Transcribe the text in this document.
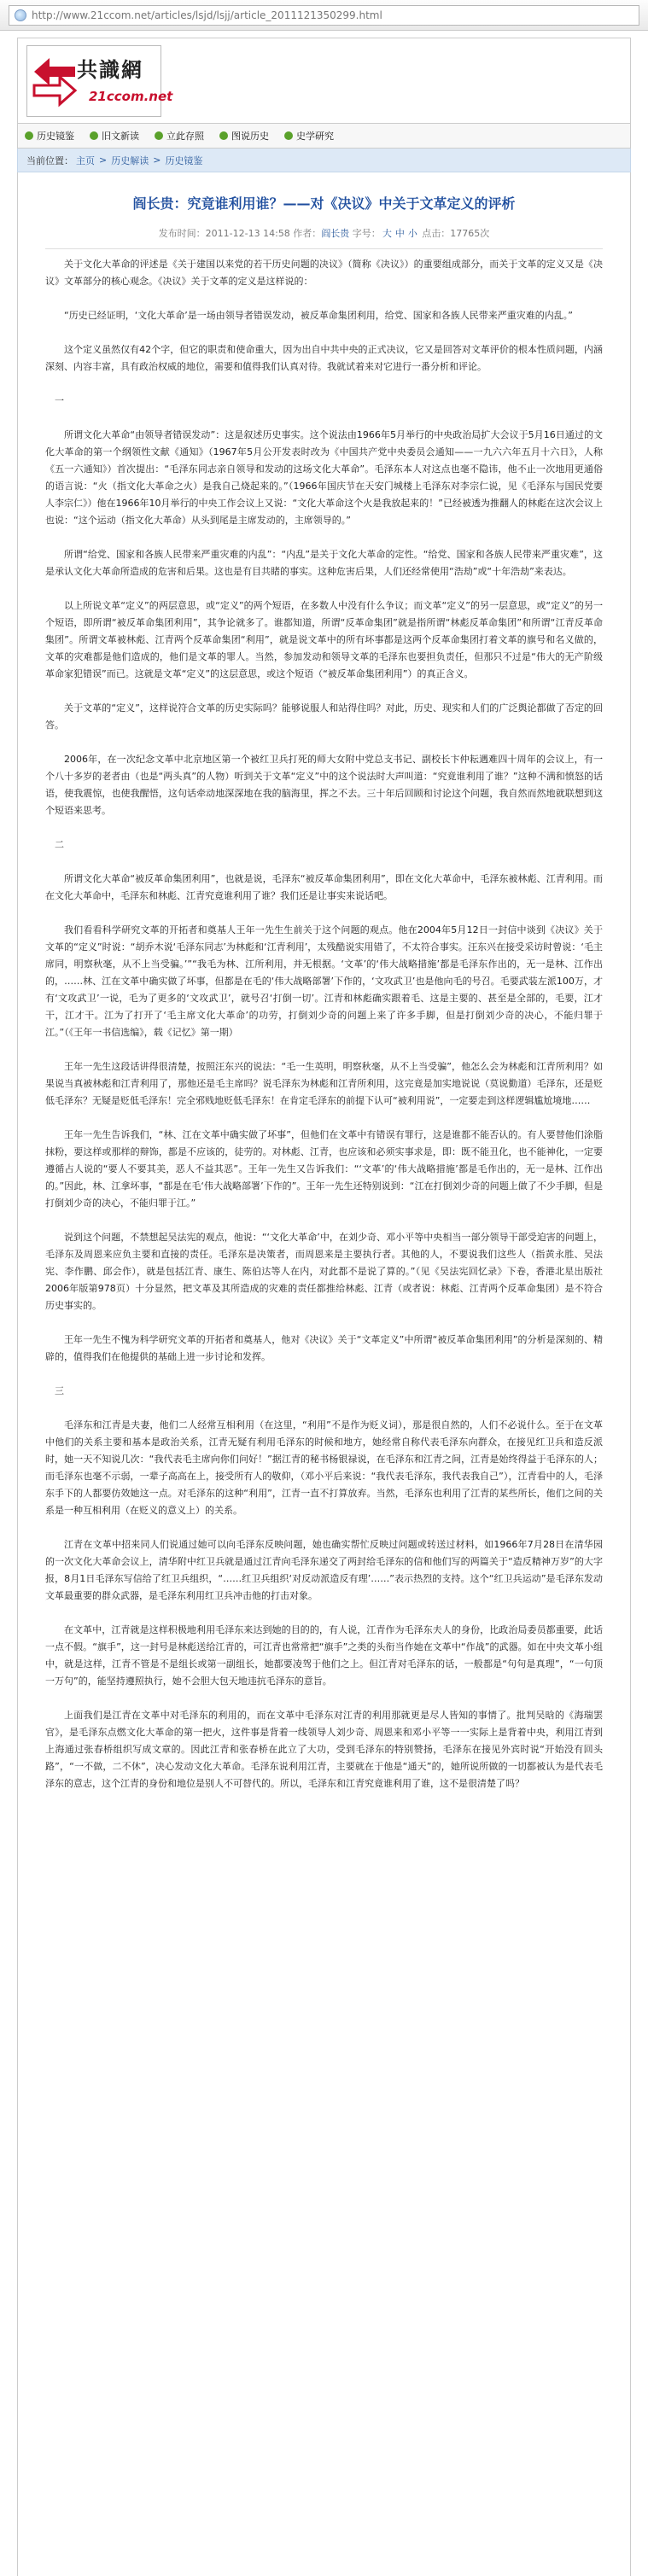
http://www.21ccom.net/articles/lsjd/lsjj/article_2011121350299.html
共識網
21ccom.net
历史镜鉴	旧文新读	立此存照	图说历史	史学研究
当前位置： 主页 > 历史解读 > 历史镜鉴
阎长贵：究竟谁利用谁？——对《决议》中关于文革定义的评析
发布时间：2011-12-13 14:58 作者：阎长贵 字号： 大 中 小 点击：17765次

关于文化大革命的评述是《关于建国以来党的若干历史问题的决议》（简称《决议》）的重要组成部分，而关于文革的定义又是《决议》文革部分的核心观念。《决议》关于文革的定义是这样说的：

“历史已经证明，‘文化大革命’是一场由领导者错误发动，被反革命集团利用，给党、国家和各族人民带来严重灾难的内乱。”

这个定义虽然仅有42个字，但它的职责和使命重大，因为出自中共中央的正式决议，它又是回答对文革评价的根本性质问题，内涵深刻、内容丰富，具有政治权威的地位，需要和值得我们认真对待。我就试着来对它进行一番分析和评论。

一

所谓文化大革命“由领导者错误发动”：这是叙述历史事实。这个说法由1966年5月举行的中央政治局扩大会议于5月16日通过的文化大革命的第一个纲领性文献《通知》（1967年5月公开发表时改为《中国共产党中央委员会通知——一九六六年五月十六日》，人称《五一六通知》）首次提出：“毛泽东同志亲自领导和发动的这场文化大革命”。毛泽东本人对这点也毫不隐讳，他不止一次地用更通俗的语言说：“火（指文化大革命之火）是我自己烧起来的。”（1966年国庆节在天安门城楼上毛泽东对李宗仁说，见《毛泽东与国民党要人李宗仁》）他在1966年10月举行的中央工作会议上又说：“文化大革命这个火是我放起来的！”已经被透为推翻人的林彪在这次会议上也说：“这个运动（指文化大革命）从头到尾是主席发动的，主席领导的。”

所谓“给党、国家和各族人民带来严重灾难的内乱”：“内乱”是关于文化大革命的定性。“给党、国家和各族人民带来严重灾难”，这是承认文化大革命所造成的危害和后果。这也是有目共睹的事实。这种危害后果，人们还经常使用“浩劫”或“十年浩劫”来表达。

以上所说文革“定义”的两层意思，或“定义”的两个短语，在多数人中没有什么争议；而文革“定义”的另一层意思，或“定义”的另一个短语，即所谓“被反革命集团利用”，其争论就多了。谁都知道，所谓“反革命集团”就是指所谓“林彪反革命集团”和所谓“江青反革命集团”。所谓文革被林彪、江青两个反革命集团“利用”，就是说文革中的所有坏事都是这两个反革命集团打着文革的旗号和名义做的，文革的灾难都是他们造成的，他们是文革的罪人。当然，参加发动和领导文革的毛泽东也要担负责任，但那只不过是“伟大的无产阶级革命家犯错误”而已。这就是文革“定义”的这层意思，或这个短语（“被反革命集团利用”）的真正含义。

关于文革的“定义”，这样说符合文革的历史实际吗？能够说服人和站得住吗？对此，历史、现实和人们的广泛舆论都做了否定的回答。

2006年，在一次纪念文革中北京地区第一个被红卫兵打死的师大女附中党总支书记、副校长卞仲耘遇难四十周年的会议上，有一个八十多岁的老者由（也是“两头真”的人物）听到关于文革“定义”中的这个说法时大声叫道：“究竟谁利用了谁？”这种不满和愤怒的话语，使我震惊，也使我醒悟，这句话牵动地深深地在我的脑海里，挥之不去。三十年后回顾和讨论这个问题，我自然而然地就联想到这个短语来思考。

二

所谓文化大革命“被反革命集团利用”，也就是说，毛泽东“被反革命集团利用”，即在文化大革命中，毛泽东被林彪、江青利用。而在文化大革命中，毛泽东和林彪、江青究竟谁利用了谁？我们还是让事实来说话吧。

我们看看科学研究文革的开拓者和奠基人王年一先生生前关于这个问题的观点。他在2004年5月12日一封信中谈到《决议》关于文革的“定义”时说：“胡乔木说‘毛泽东同志’为林彪和‘江青利用’，太残酷说实用错了，不太符合事实。汪东兴在接受采访时曾说：‘毛主席同，明察秋毫，从不上当受骗。’”“我毛为林、江所利用，并无根据。‘文革’的‘伟大战略措施’都是毛泽东作出的，无一是林、江作出的，……林、江在文革中确实做了坏事，但都是在毛的‘伟大战略部署’下作的，‘文攻武卫’也是他向毛的号召。毛要武装左派100万，才有‘文攻武卫’一说，毛为了更多的‘文攻武卫’，就号召‘打倒一切’。江青和林彪确实跟着毛、这是主要的、甚至是全部的，毛要，江才干，江才干。江为了打开了‘毛主席文化大革命’的功劳，打倒刘少奇的问题上来了许多手脚，但是打倒刘少奇的决心，不能归罪于江。”（《王年一书信选编》，载《记忆》第一期）

王年一先生这段话讲得很清楚，按照汪东兴的说法：“毛一生英明，明察秋毫，从不上当受骗”，他怎么会为林彪和江青所利用？如果说当真被林彪和江青利用了，那他还是毛主席吗？说毛泽东为林彪和江青所利用，这完竟是加实地说说（莫说勤道）毛泽东，还是贬低毛泽东？无疑是贬低毛泽东！完全邪贱地贬低毛泽东！在肯定毛泽东的前提下认可“被利用说”，一定要走到这样逻辑尴尬境地……

王年一先生告诉我们，“林、江在文革中确实做了坏事”，但他们在文革中有错误有罪行，这是谁都不能否认的。有人要替他们涂脂抹粉，要这样或那样的辩饰，都是不应该的，徒劳的。对林彪、江青，也应该和必须实事求是，即：既不能丑化，也不能神化，一定要遵循占人说的“要人不要其美，恶人不益其恶”。王年一先生又告诉我们：“‘文革’的‘伟大战略措施’都是毛作出的，无一是林、江作出的。”因此，林、江拿坏事，“都是在毛‘伟大战略部署’下作的”。王年一先生还特别说到：“江在打倒刘少奇的问题上做了不少手脚，但是打倒刘少奇的决心，不能归罪于江。”

说到这个问题，不禁想起吴法宪的观点，他说：“‘文化大革命’中，在刘少奇、邓小平等中央相当一部分领导干部受迫害的问题上，毛泽东及周恩来应负主要和直接的责任。毛泽东是决策者，而周恩来是主要执行者。其他的人，不要说我们这些人（指黄永胜、吴法宪、李作鹏、邱会作），就是包括江青、康生、陈伯达等人在内，对此都不是说了算的。”（见《吴法宪回忆录》下卷，香港北星出版社2006年版第978页）十分显然，把文革及其所造成的灾难的责任都推给林彪、江青（或者说：林彪、江青两个反革命集团）是不符合历史事实的。

王年一先生不愧为科学研究文革的开拓者和奠基人，他对《决议》关于“文革定义”中所谓“被反革命集团利用”的分析是深刻的、精辟的，值得我们在他提供的基础上进一步讨论和发挥。

三

毛泽东和江青是夫妻，他们二人经常互相利用（在这里，“利用”不是作为贬义词），那是很自然的，人们不必说什么。至于在文革中他们的关系主要和基本是政治关系，江青无疑有利用毛泽东的时候和地方，她经常自称代表毛泽东向群众，在接见红卫兵和造反派时，她一天不知说几次：“我代表毛主席向你们问好！”据江青的秘书杨银禄说，在毛泽东和江青之间，江青是始终得益于毛泽东的人；而毛泽东也毫不示弱，一辈子高高在上，接受所有人的敬仰，（邓小平后来说：“我代表毛泽东，我代表我自己”），江青看中的人，毛泽东手下的人都要仿效她这一点。对毛泽东的这种“利用”，江青一直不打算放弃。当然，毛泽东也利用了江青的某些所长，他们之间的关系是一种互相利用（在贬义的意义上）的关系。

江青在文革中招来同人们说通过她可以向毛泽东反映问题，她也确实帮忙反映过问题或转送过材料，如1966年7月28日在清华园的一次文化大革命会议上，清华附中红卫兵就是通过江青向毛泽东递交了两封给毛泽东的信和他们写的两篇关于“造反精神万岁”的大字报，8月1日毛泽东写信给了红卫兵组织，“……红卫兵组织‘对反动派造反有理’……”表示热烈的支持。这个“红卫兵运动”是毛泽东发动文革最重要的群众武器，是毛泽东利用红卫兵冲击他的打击对象。

在文革中，江青就是这样积极地利用毛泽东来达到她的目的的，有人说，江青作为毛泽东夫人的身份，比政治局委员都重要，此话一点不假。“旗手”，这一封号是林彪送给江青的，可江青也常常把“旗手”之类的头衔当作她在文革中“作战”的武器。如在中央文革小组中，就是这样，江青不管是不是组长或第一副组长，她都要凌驾于他们之上。但江青对毛泽东的话，一般都是“句句是真理”，“一句顶一万句”的，能坚持遵照执行，她不会胆大包天地违抗毛泽东的意旨。

上面我们是江青在文革中对毛泽东的利用的，而在文革中毛泽东对江青的利用那就更是尽人皆知的事情了。批判吴晗的《海瑞罢官》，是毛泽东点燃文化大革命的第一把火，这件事是背着一线领导人刘少奇、周恩来和邓小平等一一实际上是背着中央，利用江青到上海通过张春桥组织写成文章的。因此江青和张春桥在此立了大功，受到毛泽东的特别赞扬，毛泽东在接见外宾时说“开始没有回头路”，“一不做，二不休”，决心发动文化大革命。毛泽东说利用江青，主要就在于他是“通天”的，她所说所做的一切都被认为是代表毛泽东的意志，这个江青的身份和地位是别人不可替代的。所以，毛泽东和江青究竟谁利用了谁，这不是很清楚了吗？
